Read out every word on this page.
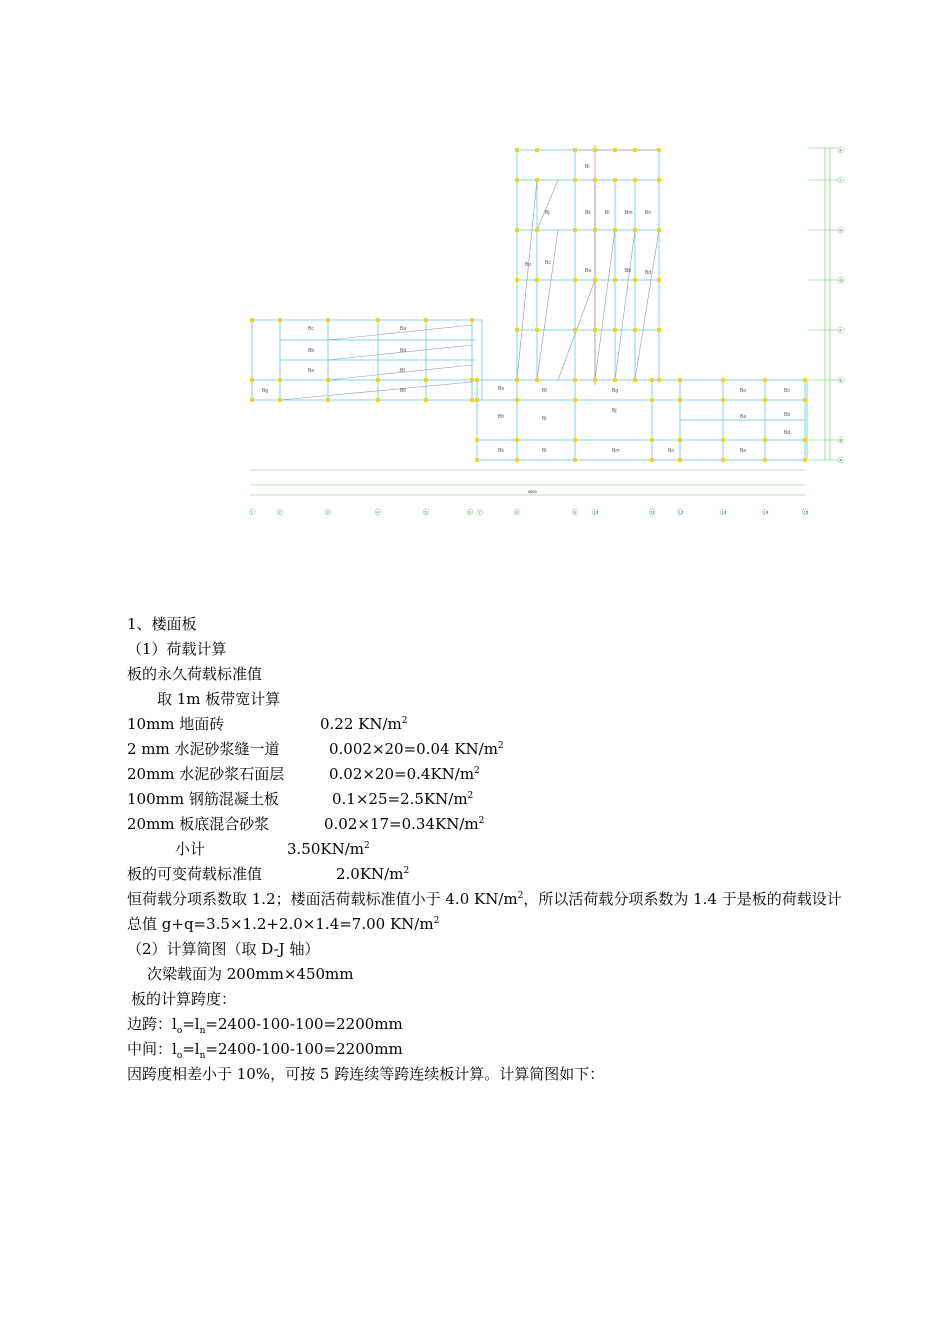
Bc	Ba
Bb	Bd
Be	Bf
Bg	Bh
Bi
Bj	Bk	Bl	Bm	Bn
Bo	Bc
Ba	Bb	Bd
Be	Bf	Bg
Bh	Bi
Bj
Bk	Bl	Bm	Bn
Bo	Bc
Ba	Bb
Bd
Be
1	2	3	4	5	6 7	8	9	10	11	12	13	14	15
K
J
H
G
F
E
B
A
9600
1、楼面板
（1）荷载计算
板的永久荷载标准值
取 1m 板带宽计算
10mm 地面砖	0.22 $KN/m^2$
2 mm 水泥砂浆缝一道	0.002×20=0.04 $KN/m^2$
20mm 水泥砂浆石面层	$0.02\times 20=0.4KN/m^2$
100mm 钢筋混凝土板	$0.1\times 25=2.5KN/m^2$
20mm 板底混合砂浆	$0.02\times 17=0.34KN/m^2$
小计	$3.50KN/m^2$
板的可变荷载标准值	$2.0KN/m^2$
恒荷载分项系数取 1.2；楼面活荷载标准值小于 4.0 $KN/m^2$，所以活荷载分项系数为 1.4 于是板的荷载设计总值 g+q=3.5×1.2+2.0×1.4=7.00 $KN/m^2$
（2）计算简图（取 D-J 轴）
次梁载面为 200mm×450mm
板的计算跨度：
边跨：$l_o=l_n=2400-100-100=2200mm$
中间：$l_o=l_n=2400-100-100=2200mm$
因跨度相差小于 10%，可按 5 跨连续等跨连续板计算。计算简图如下：
